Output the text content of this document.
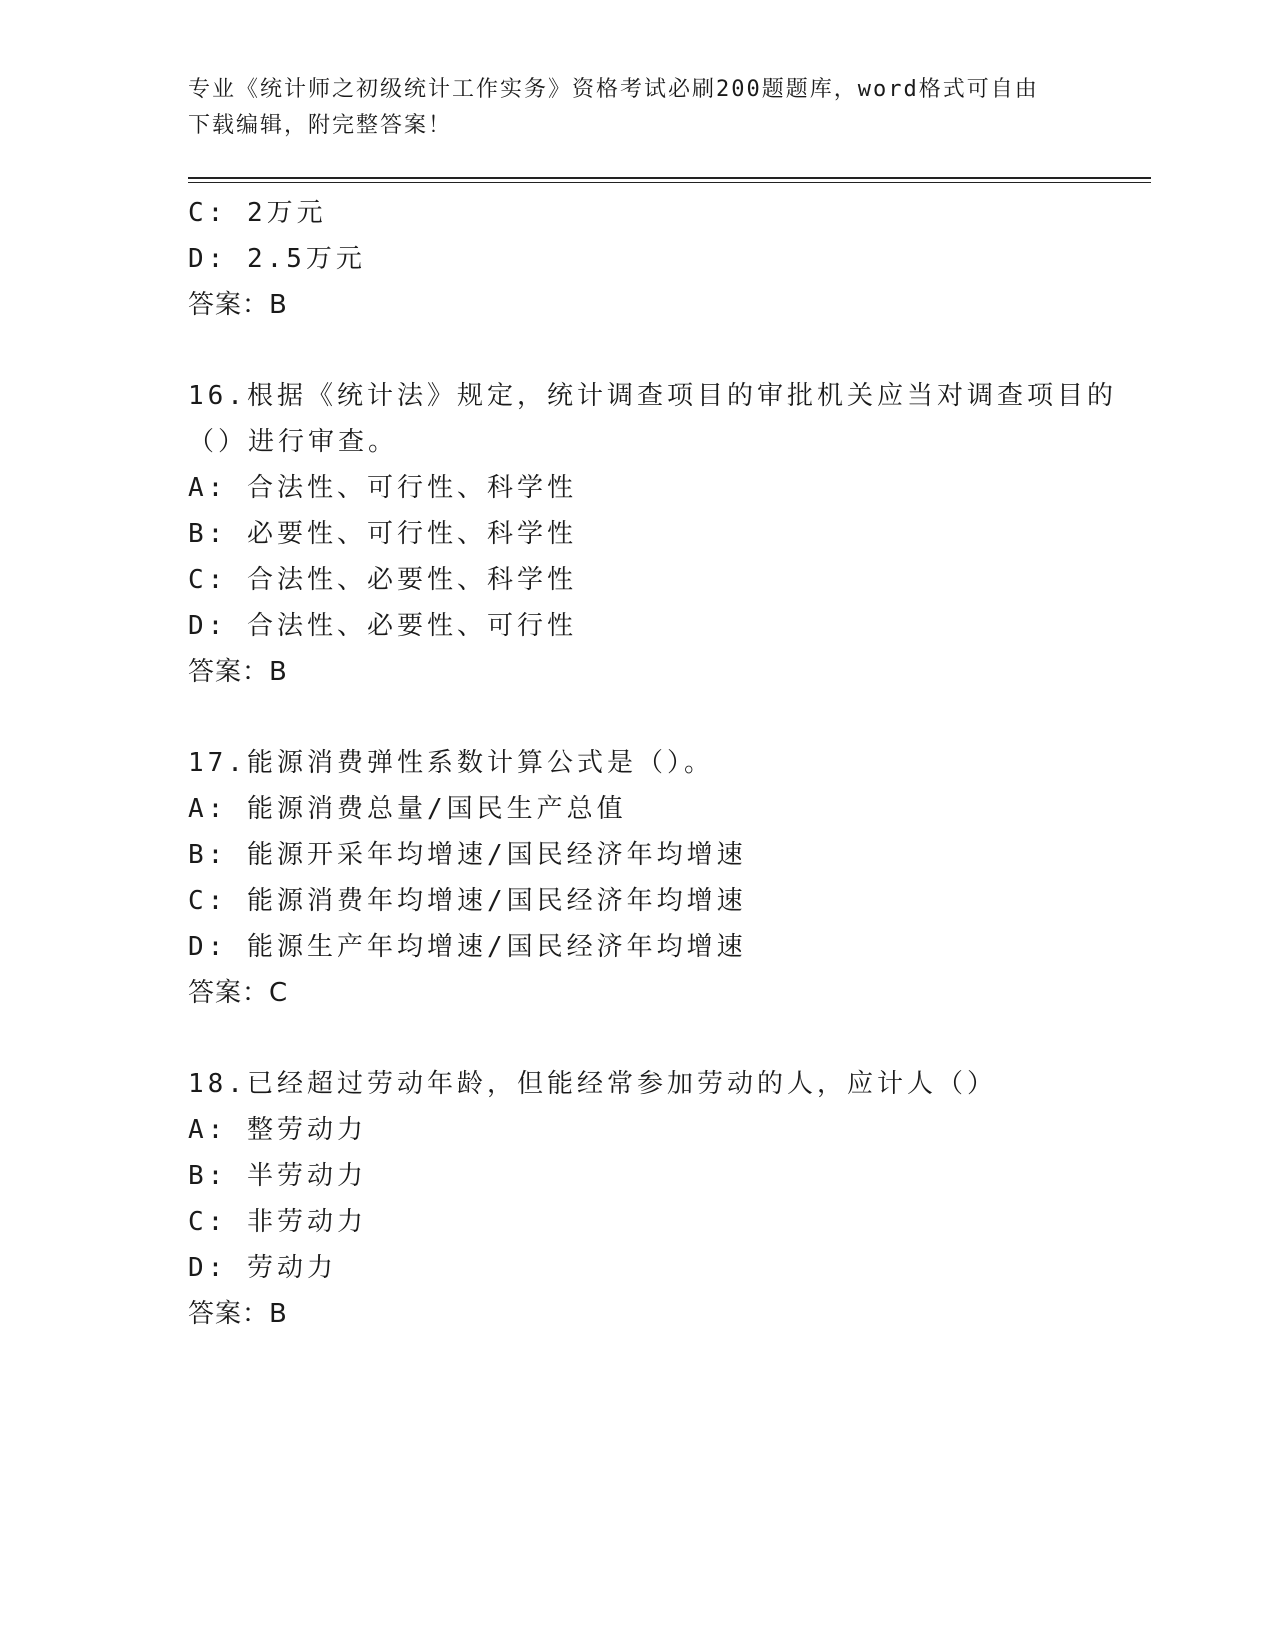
专业《统计师之初级统计工作实务》资格考试必刷200题题库，word格式可自由
下载编辑，附完整答案！
C: 2万元
D: 2.5万元
答案：B
16.根据《统计法》规定，统计调查项目的审批机关应当对调查项目的
（）进行审查。
A: 合法性、可行性、科学性
B: 必要性、可行性、科学性
C: 合法性、必要性、科学性
D: 合法性、必要性、可行性
答案：B
17.能源消费弹性系数计算公式是（）。
A: 能源消费总量/国民生产总值
B: 能源开采年均增速/国民经济年均增速
C: 能源消费年均增速/国民经济年均增速
D: 能源生产年均增速/国民经济年均增速
答案：C
18.已经超过劳动年龄，但能经常参加劳动的人，应计人（）
A: 整劳动力
B: 半劳动力
C: 非劳动力
D: 劳动力
答案：B
